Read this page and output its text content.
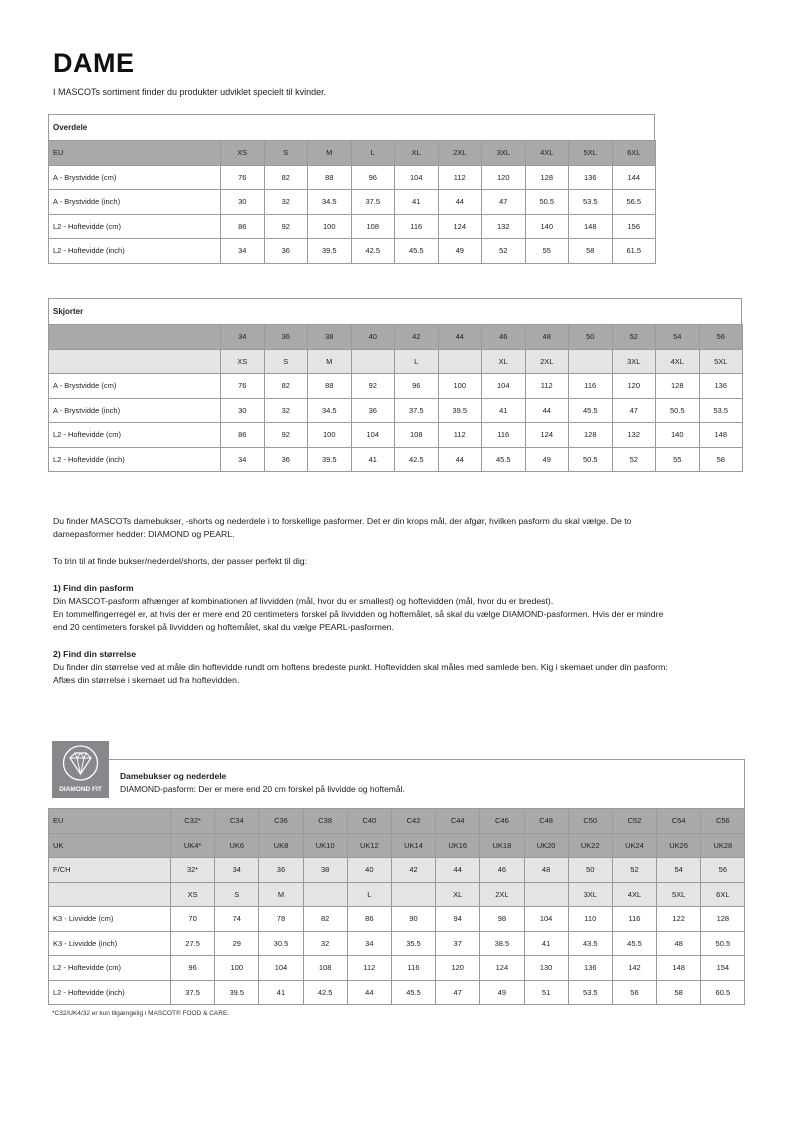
DAME
I MASCOTs sortiment finder du produkter udviklet specielt til kvinder.
Overdele
EU	XS	S	M	L	XL	2XL	3XL	4XL	5XL	6XL
A - Brystvidde (cm)	76	82	88	96	104	112	120	128	136	144
A - Brystvidde (inch)	30	32	34.5	37.5	41	44	47	50.5	53.5	56.5
L2 - Hoftevidde (cm)	86	92	100	108	116	124	132	140	148	156
L2 - Hoftevidde (inch)	34	36	39.5	42.5	45.5	49	52	55	58	61.5
Skjorter
	34	36	38	40	42	44	46	48	50	52	54	56
	XS	S	M		L		XL	2XL		3XL	4XL	5XL
A - Brystvidde (cm)	76	82	88	92	96	100	104	112	116	120	128	136
A - Brystvidde (inch)	30	32	34.5	36	37.5	39.5	41	44	45.5	47	50.5	53.5
L2 - Hoftevidde (cm)	86	92	100	104	108	112	116	124	128	132	140	148
L2 - Hoftevidde (inch)	34	36	39.5	41	42.5	44	45.5	49	50.5	52	55	58
Du finder MASCOTs damebukser, -shorts og nederdele i to forskellige pasformer. Det er din krops mål, der afgør, hvilken pasform du skal vælge. De to
damepasformer hedder: DIAMOND og PEARL.
To trin til at finde bukser/nederdel/shorts, der passer perfekt til dig:
1) Find din pasform
Din MASCOT-pasform afhænger af kombinationen af livvidden (mål, hvor du er smallest) og hoftevidden (mål, hvor du er bredest).
En tommelfingerregel er, at hvis der er mere end 20 centimeters forskel på livvidden og hoftemålet, så skal du vælge DIAMOND-pasformen. Hvis der er mindre
end 20 centimeters forskel på livvidden og hoftemålet, skal du vælge PEARL-pasformen.
2) Find din størrelse
Du finder din størrelse ved at måle din hoftevidde rundt om hoftens bredeste punkt. Hoftevidden skal måles med samlede ben. Kig i skemaet under din pasform:
Aflæs din størrelse i skemaet ud fra hoftevidden.
DIAMOND FIT
Damebukser og nederdele
DIAMOND-pasform: Der er mere end 20 cm forskel på livvidde og hoftemål.
EU	C32*	C34	C36	C38	C40	C42	C44	C46	C48	C50	C52	C54	C56
UK	UK4*	UK6	UK8	UK10	UK12	UK14	UK16	UK18	UK20	UK22	UK24	UK26	UK28
F/CH	32*	34	36	38	40	42	44	46	48	50	52	54	56
	XS	S	M		L		XL	2XL		3XL	4XL	5XL	6XL
K3 - Livvidde (cm)	70	74	78	82	86	90	94	98	104	110	116	122	128
K3 - Livvidde (inch)	27.5	29	30.5	32	34	35.5	37	38.5	41	43.5	45.5	48	50.5
L2 - Hoftevidde (cm)	96	100	104	108	112	116	120	124	130	136	142	148	154
L2 - Hoftevidde (inch)	37.5	39.5	41	42.5	44	45.5	47	49	51	53.5	56	58	60.5
*C32/UK4/32 er kun tilgængelig i MASCOT® FOOD & CARE.
